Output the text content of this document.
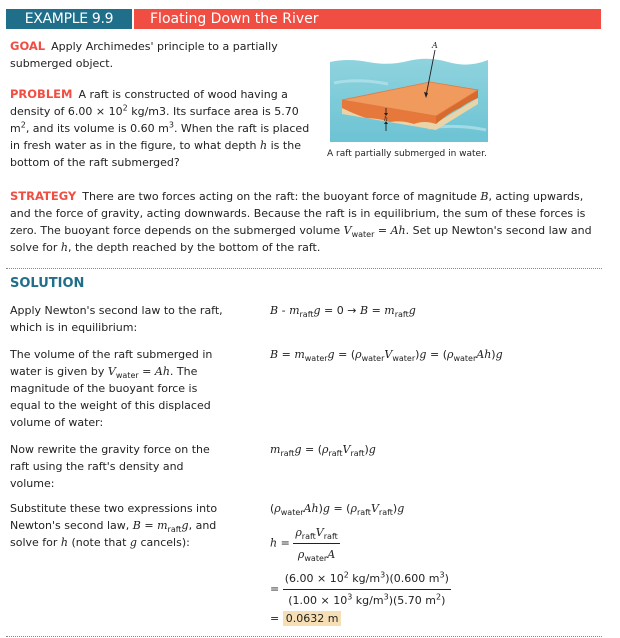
EXAMPLE 9.9	Floating Down the River
GOAL Apply Archimedes' principle to a partially submerged object.
PROBLEM A raft is constructed of wood having a density of $6.00 \times 10^2$ kg/m3. Its surface area is 5.70 $m^2$, and its volume is 0.60 $m^3$. When the raft is placed in fresh water as in the figure, to what depth h is the bottom of the raft submerged?
A
h
A raft partially submerged in water.
STRATEGY There are two forces acting on the raft: the buoyant force of magnitude B, acting upwards, and the force of gravity, acting downwards. Because the raft is in equilibrium, the sum of these forces is zero. The buoyant force depends on the submerged volume $V_{water} = Ah$. Set up Newton's second law and solve for h, the depth reached by the bottom of the raft.
SOLUTION
Apply Newton's second law to the raft, which is in equilibrium:
$B - m_{raft}g = 0 \to B = m_{raft}g$
The volume of the raft submerged in water is given by $V_{water} = Ah$. The magnitude of the buoyant force is equal to the weight of this displaced volume of water:
$B = m_{water}g = (\rho_{water}V_{water})g = (\rho_{water}Ah)g$
Now rewrite the gravity force on the raft using the raft's density and volume:
$m_{raft}g = (\rho_{raft}V_{raft})g$
Substitute these two expressions into Newton's second law, $B = m_{raft}g$, and solve for h (note that g cancels):
$(\rho_{water}Ah)g = (\rho_{raft}V_{raft})g$
$h = \frac{\rho_{raft}V_{raft}}{\rho_{water}A}$
= $\frac{(6.00 \times 10^2 kg/m^3)(0.600 m^3)}{(1.00 \times 10^3 kg/m^3)(5.70 m^2)}$
= 0.0632 m
